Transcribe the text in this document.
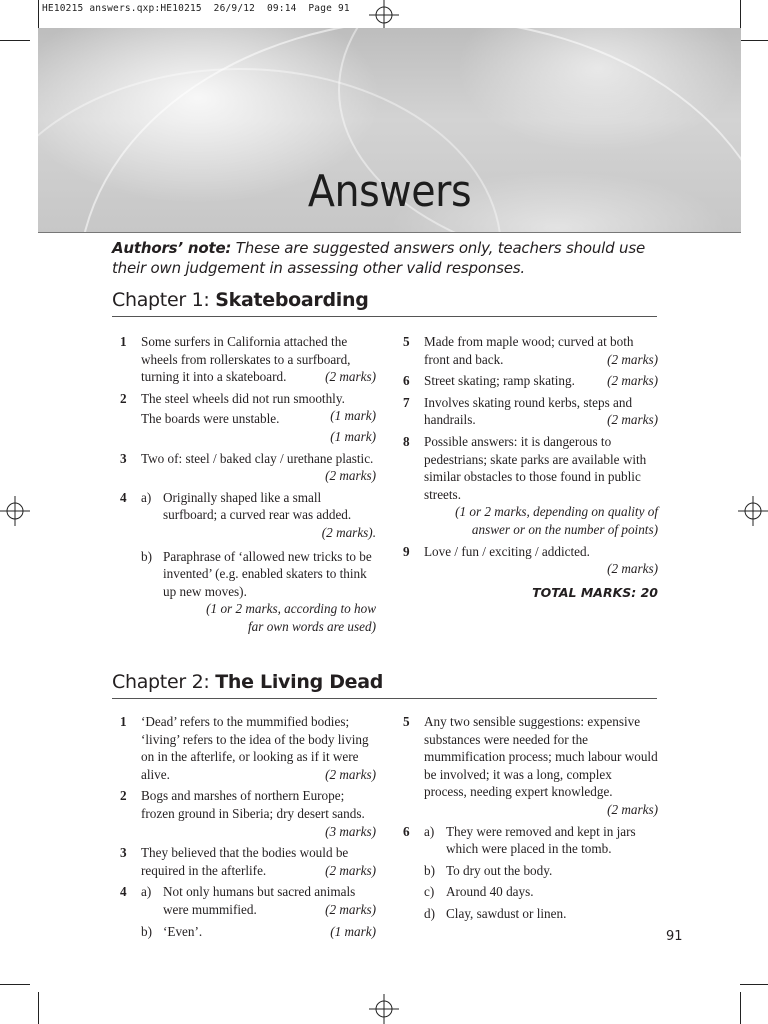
HE10215 answers.qxp:HE10215  26/9/12  09:14  Page 91
Answers
Authors’ note: These are suggested answers only, teachers should use their own judgement in assessing other valid responses.
Chapter 1: Skateboarding
1 Some surfers in California attached the wheels from rollerskates to a surfboard, turning it into a skateboard.	(2 marks)
2 The steel wheels did not run smoothly.
(1 mark)
The boards were unstable.
(1 mark)
3 Two of: steel / baked clay / urethane plastic.
(2 marks)
4 a) Originally shaped like a small surfboard; a curved rear was added.
(2 marks).
b) Paraphrase of ‘allowed new tricks to be invented’ (e.g. enabled skaters to think up new moves).
(1 or 2 marks, according to how far own words are used)
5 Made from maple wood; curved at both front and back.	(2 marks)
6 Street skating; ramp skating.	(2 marks)
7 Involves skating round kerbs, steps and handrails.	(2 marks)
8 Possible answers: it is dangerous to pedestrians; skate parks are available with similar obstacles to those found in public streets.
(1 or 2 marks, depending on quality of answer or on the number of points)
9 Love / fun / exciting / addicted.
(2 marks)
TOTAL MARKS: 20
Chapter 2: The Living Dead
1 ‘Dead’ refers to the mummified bodies; ‘living’ refers to the idea of the body living on in the afterlife, or looking as if it were alive.	(2 marks)
2 Bogs and marshes of northern Europe; frozen ground in Siberia; dry desert sands.
(3 marks)
3 They believed that the bodies would be required in the afterlife.	(2 marks)
4 a) Not only humans but sacred animals were mummified.	(2 marks)
b) ‘Even’.	(1 mark)
5 Any two sensible suggestions: expensive substances were needed for the mummification process; much labour would be involved; it was a long, complex process, needing expert knowledge.
(2 marks)
6 a) They were removed and kept in jars which were placed in the tomb.
b) To dry out the body.
c) Around 40 days.
d) Clay, sawdust or linen.
91
